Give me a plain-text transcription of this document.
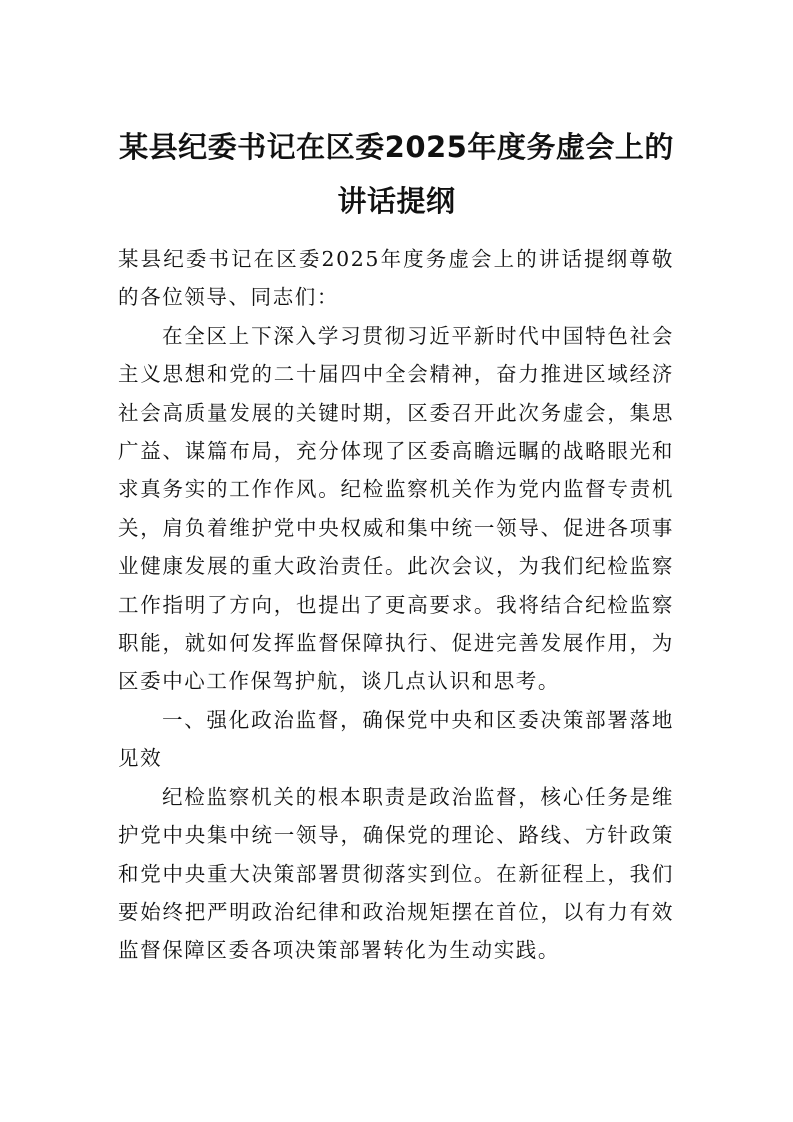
某县纪委书记在区委2025年度务虚会上的讲话提纲

某县纪委书记在区委2025年度务虚会上的讲话提纲尊敬的各位领导、同志们：

在全区上下深入学习贯彻习近平新时代中国特色社会主义思想和党的二十届四中全会精神，奋力推进区域经济社会高质量发展的关键时期，区委召开此次务虚会，集思广益、谋篇布局，充分体现了区委高瞻远瞩的战略眼光和求真务实的工作作风。纪检监察机关作为党内监督专责机关，肩负着维护党中央权威和集中统一领导、促进各项事业健康发展的重大政治责任。此次会议，为我们纪检监察工作指明了方向，也提出了更高要求。我将结合纪检监察职能，就如何发挥监督保障执行、促进完善发展作用，为区委中心工作保驾护航，谈几点认识和思考。

一、强化政治监督，确保党中央和区委决策部署落地见效

纪检监察机关的根本职责是政治监督，核心任务是维护党中央集中统一领导，确保党的理论、路线、方针政策和党中央重大决策部署贯彻落实到位。在新征程上，我们要始终把严明政治纪律和政治规矩摆在首位，以有力有效监督保障区委各项决策部署转化为生动实践。
